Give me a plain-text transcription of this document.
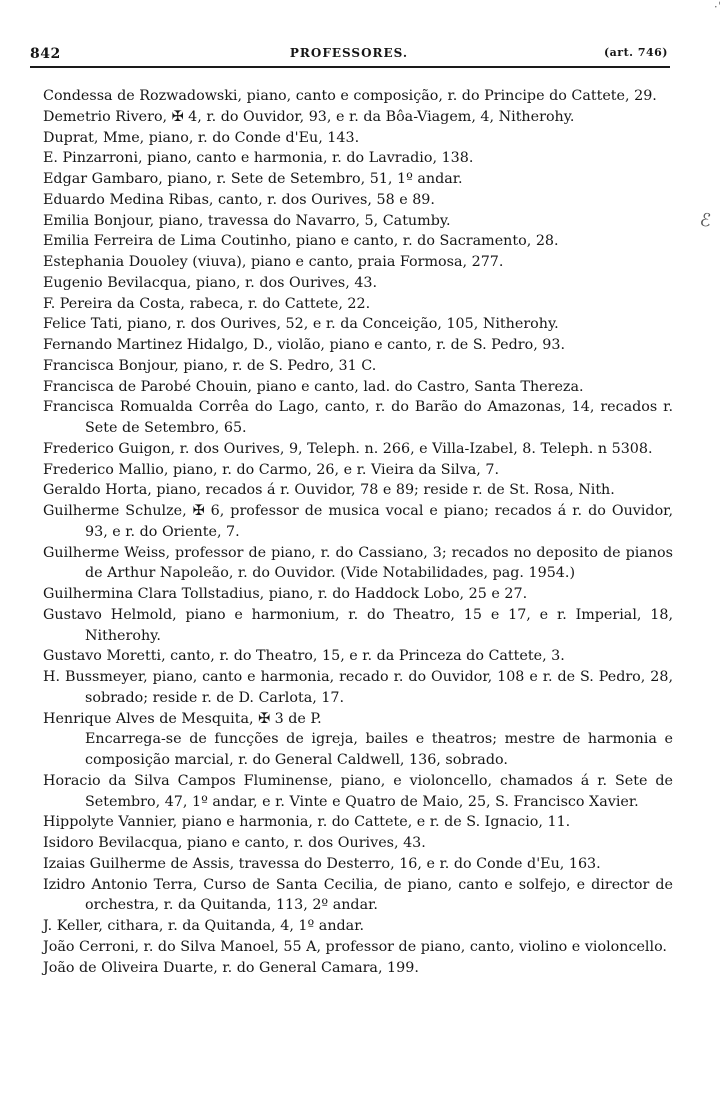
842	PROFESSORES.	(art. 746)
·ˈ
ℰ
Condessa de Rozwadowski, piano, canto e composição, r. do Principe do Cattete, 29.
Demetrio Rivero, ✠ 4, r. do Ouvidor, 93, e r. da Bôa-Viagem, 4, Nitherohy.
Duprat, Mme, piano, r. do Conde d'Eu, 143.
E. Pinzarroni, piano, canto e harmonia, r. do Lavradio, 138.
Edgar Gambaro, piano, r. Sete de Setembro, 51, 1º andar.
Eduardo Medina Ribas, canto, r. dos Ourives, 58 e 89.
Emilia Bonjour, piano, travessa do Navarro, 5, Catumby.
Emilia Ferreira de Lima Coutinho, piano e canto, r. do Sacramento, 28.
Estephania Douoley (viuva), piano e canto, praia Formosa, 277.
Eugenio Bevilacqua, piano, r. dos Ourives, 43.
F. Pereira da Costa, rabeca, r. do Cattete, 22.
Felice Tati, piano, r. dos Ourives, 52, e r. da Conceição, 105, Nitherohy.
Fernando Martinez Hidalgo, D., violão, piano e canto, r. de S. Pedro, 93.
Francisca Bonjour, piano, r. de S. Pedro, 31 C.
Francisca de Parobé Chouin, piano e canto, lad. do Castro, Santa Thereza.
Francisca Romualda Corrêa do Lago, canto, r. do Barão do Amazonas, 14, recados r. Sete de Setembro, 65.
Frederico Guigon, r. dos Ourives, 9, Teleph. n. 266, e Villa-Izabel, 8. Teleph. n 5308.
Frederico Mallio, piano, r. do Carmo, 26, e r. Vieira da Silva, 7.
Geraldo Horta, piano, recados á r. Ouvidor, 78 e 89; reside r. de St. Rosa, Nith.
Guilherme Schulze, ✠ 6, professor de musica vocal e piano; recados á r. do Ouvidor, 93, e r. do Oriente, 7.
Guilherme Weiss, professor de piano, r. do Cassiano, 3; recados no deposito de pianos de Arthur Napoleão, r. do Ouvidor. (Vide Notabilidades, pag. 1954.)
Guilhermina Clara Tollstadius, piano, r. do Haddock Lobo, 25 e 27.
Gustavo Helmold, piano e harmonium, r. do Theatro, 15 e 17, e r. Imperial, 18, Nitherohy.
Gustavo Moretti, canto, r. do Theatro, 15, e r. da Princeza do Cattete, 3.
H. Bussmeyer, piano, canto e harmonia, recado r. do Ouvidor, 108 e r. de S. Pedro, 28, sobrado; reside r. de D. Carlota, 17.
Henrique Alves de Mesquita, ✠ 3 de P.
Encarrega-se de funcções de igreja, bailes e theatros; mestre de harmonia e composição marcial, r. do General Caldwell, 136, sobrado.
Horacio da Silva Campos Fluminense, piano, e violoncello, chamados á r. Sete de Setembro, 47, 1º andar, e r. Vinte e Quatro de Maio, 25, S. Francisco Xavier.
Hippolyte Vannier, piano e harmonia, r. do Cattete, e r. de S. Ignacio, 11.
Isidoro Bevilacqua, piano e canto, r. dos Ourives, 43.
Izaias Guilherme de Assis, travessa do Desterro, 16, e r. do Conde d'Eu, 163.
Izidro Antonio Terra, Curso de Santa Cecilia, de piano, canto e solfejo, e director de orchestra, r. da Quitanda, 113, 2º andar.
J. Keller, cithara, r. da Quitanda, 4, 1º andar.
João Cerroni, r. do Silva Manoel, 55 A, professor de piano, canto, violino e violoncello.
João de Oliveira Duarte, r. do General Camara, 199.
